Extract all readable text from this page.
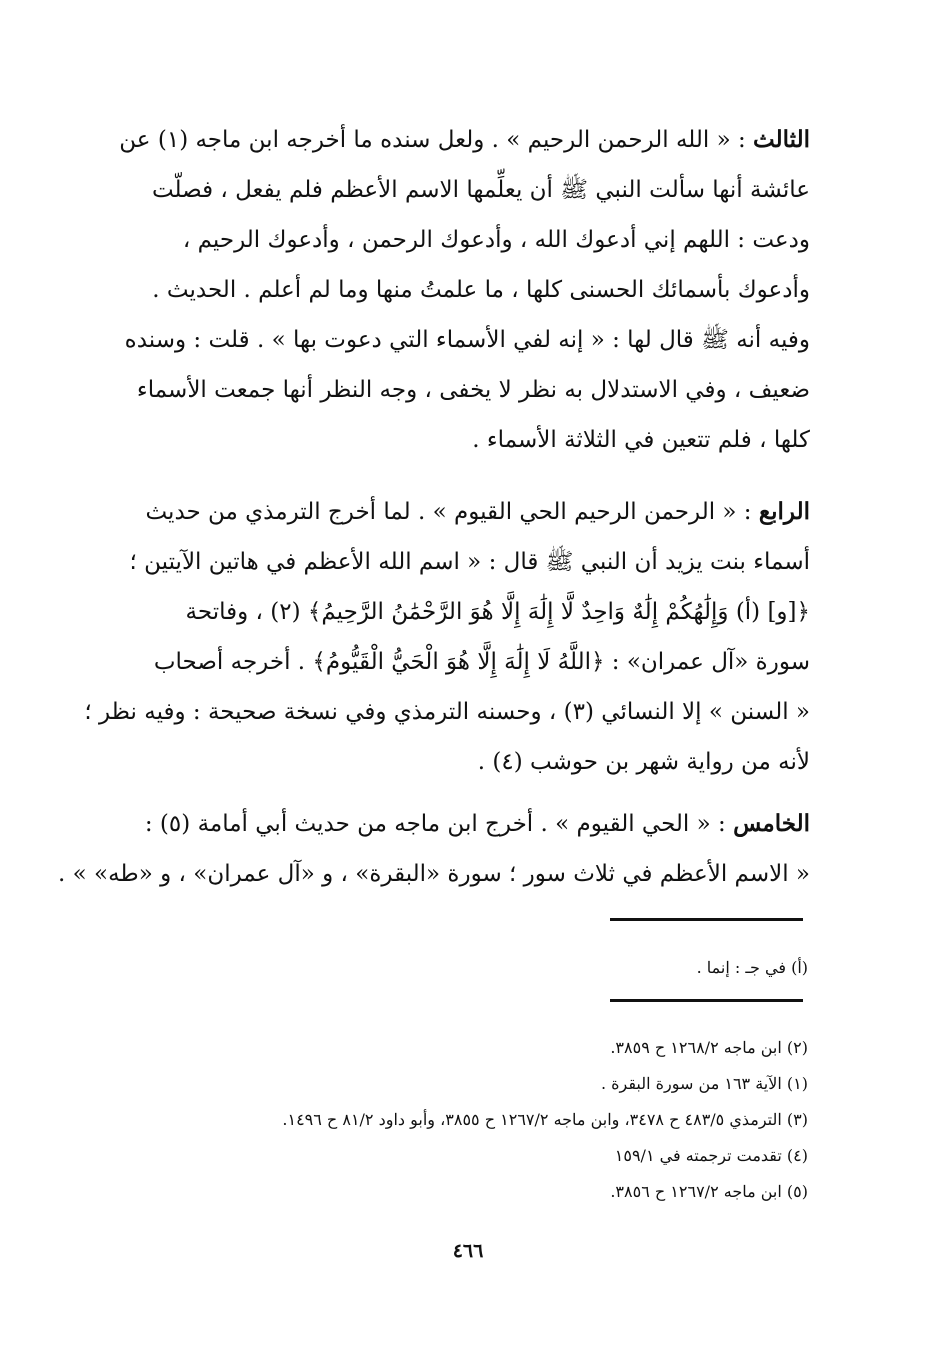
الثالث : « الله الرحمن الرحيم » . ولعل سنده ما أخرجه ابن ماجه (١) عن
عائشة أنها سألت النبي ﷺ أن يعلِّمها الاسم الأعظم فلم يفعل ، فصلّت
ودعت : اللهم إني أدعوك الله ، وأدعوك الرحمن ، وأدعوك الرحيم ،
وأدعوك بأسمائك الحسنى كلها ، ما علمتُ منها وما لم أعلم . الحديث .
وفيه أنه ﷺ قال لها : « إنه لفي الأسماء التي دعوت بها » . قلت : وسنده
ضعيف ، وفي الاستدلال به نظر لا يخفى ، وجه النظر أنها جمعت الأسماء
كلها ، فلم تتعين في الثلاثة الأسماء .
الرابع : « الرحمن الرحيم الحي القيوم » . لما أخرج الترمذي من حديث
أسماء بنت يزيد أن النبي ﷺ قال : « اسم الله الأعظم في هاتين الآيتين ؛
﴿[و] (أ) وَإِلَٰهُكُمْ إِلَٰهٌ وَاحِدٌ لَّا إِلَٰهَ إِلَّا هُوَ الرَّحْمَٰنُ الرَّحِيمُ﴾ (٢) ، وفاتحة
سورة «آل عمران» : ﴿اللَّهُ لَا إِلَٰهَ إِلَّا هُوَ الْحَيُّ الْقَيُّومُ﴾ . أخرجه أصحاب
« السنن » إلا النسائي (٣) ، وحسنه الترمذي وفي نسخة صحيحة : وفيه نظر ؛
لأنه من رواية شهر بن حوشب (٤) .
الخامس : « الحي القيوم » . أخرج ابن ماجه من حديث أبي أمامة (٥) :
« الاسم الأعظم في ثلاث سور ؛ سورة «البقرة» ، و «آل عمران» ، و «طه» » .
(أ) في جـ : إنما .
(٢) ابن ماجه ١٢٦٨/٢ ح ٣٨٥٩.
(١) الآية ١٦٣ من سورة البقرة .
(٣) الترمذي ٤٨٣/٥ ح ٣٤٧٨، وابن ماجه ١٢٦٧/٢ ح ٣٨٥٥، وأبو داود ٨١/٢ ح ١٤٩٦.
(٤) تقدمت ترجمته في ١٥٩/١
(٥) ابن ماجه ١٢٦٧/٢ ح ٣٨٥٦.
٤٦٦
